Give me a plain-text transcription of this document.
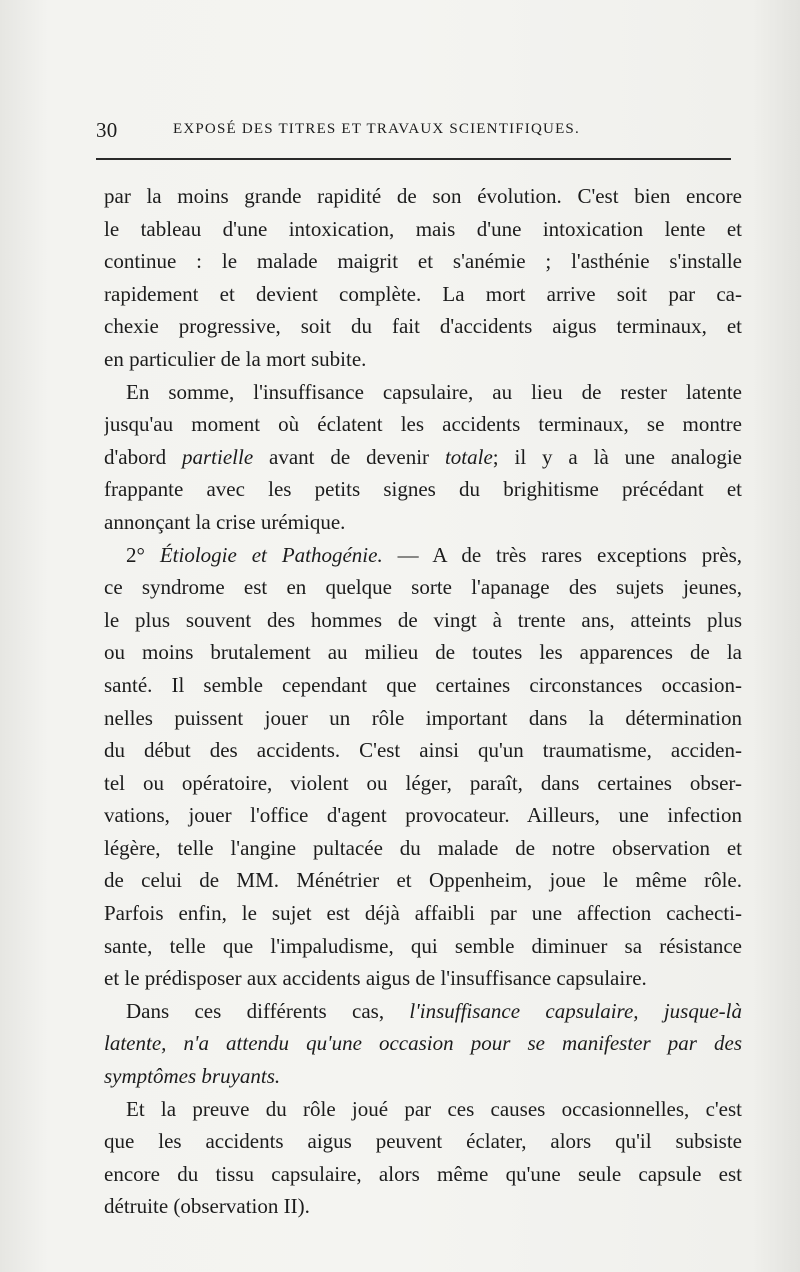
30	EXPOSÉ DES TITRES ET TRAVAUX SCIENTIFIQUES.
par la moins grande rapidité de son évolution. C'est bien encore
le tableau d'une intoxication, mais d'une intoxication lente et
continue : le malade maigrit et s'anémie ; l'asthénie s'installe
rapidement et devient complète. La mort arrive soit par ca-
chexie progressive, soit du fait d'accidents aigus terminaux, et
en particulier de la mort subite.
En somme, l'insuffisance capsulaire, au lieu de rester latente
jusqu'au moment où éclatent les accidents terminaux, se montre
d'abord partielle avant de devenir totale; il y a là une analogie
frappante avec les petits signes du brighitisme précédant et
annonçant la crise urémique.
2° Étiologie et Pathogénie. — A de très rares exceptions près,
ce syndrome est en quelque sorte l'apanage des sujets jeunes,
le plus souvent des hommes de vingt à trente ans, atteints plus
ou moins brutalement au milieu de toutes les apparences de la
santé. Il semble cependant que certaines circonstances occasion-
nelles puissent jouer un rôle important dans la détermination
du début des accidents. C'est ainsi qu'un traumatisme, acciden-
tel ou opératoire, violent ou léger, paraît, dans certaines obser-
vations, jouer l'office d'agent provocateur. Ailleurs, une infection
légère, telle l'angine pultacée du malade de notre observation et
de celui de MM. Ménétrier et Oppenheim, joue le même rôle.
Parfois enfin, le sujet est déjà affaibli par une affection cachecti-
sante, telle que l'impaludisme, qui semble diminuer sa résistance
et le prédisposer aux accidents aigus de l'insuffisance capsulaire.
Dans ces différents cas, l'insuffisance capsulaire, jusque-là
latente, n'a attendu qu'une occasion pour se manifester par des
symptômes bruyants.
Et la preuve du rôle joué par ces causes occasionnelles, c'est
que les accidents aigus peuvent éclater, alors qu'il subsiste
encore du tissu capsulaire, alors même qu'une seule capsule est
détruite (observation II).
